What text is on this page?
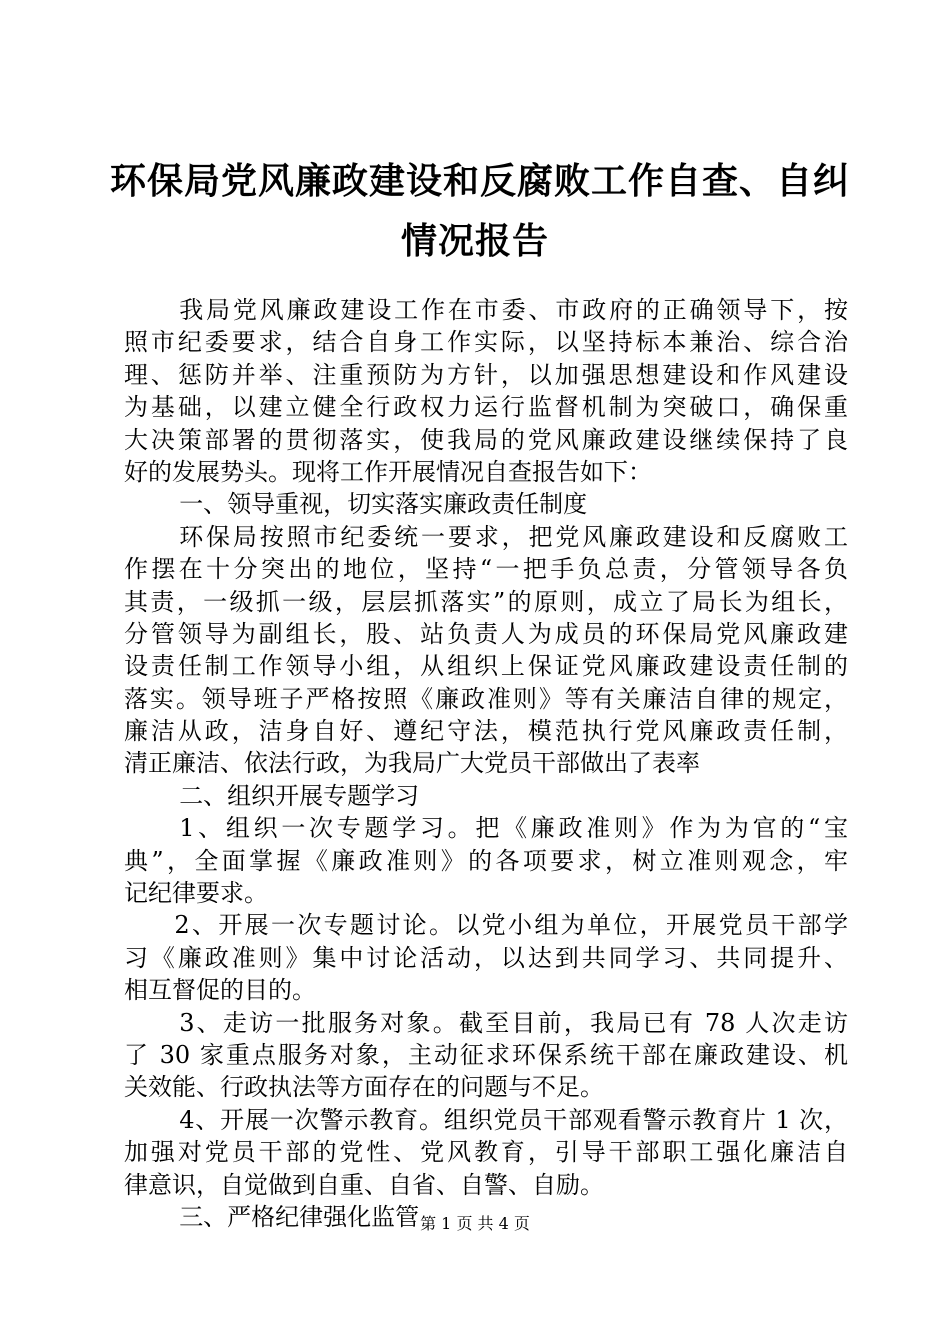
环保局党风廉政建设和反腐败工作自查、自纠
情况报告
我局党风廉政建设工作在市委、市政府的正确领导下，按
照市纪委要求，结合自身工作实际，以坚持标本兼治、综合治
理、惩防并举、注重预防为方针，以加强思想建设和作风建设
为基础，以建立健全行政权力运行监督机制为突破口，确保重
大决策部署的贯彻落实，使我局的党风廉政建设继续保持了良
好的发展势头。现将工作开展情况自查报告如下：
一、领导重视，切实落实廉政责任制度
环保局按照市纪委统一要求，把党风廉政建设和反腐败工
作摆在十分突出的地位，坚持“一把手负总责，分管领导各负
其责，一级抓一级，层层抓落实”的原则，成立了局长为组长，
分管领导为副组长，股、站负责人为成员的环保局党风廉政建
设责任制工作领导小组，从组织上保证党风廉政建设责任制的
落实。领导班子严格按照《廉政准则》等有关廉洁自律的规定，
廉洁从政，洁身自好、遵纪守法，模范执行党风廉政责任制，
清正廉洁、依法行政，为我局广大党员干部做出了表率
二、组织开展专题学习
1、组织一次专题学习。把《廉政准则》作为为官的“宝
典”，全面掌握《廉政准则》的各项要求，树立准则观念，牢
记纪律要求。
2、开展一次专题讨论。以党小组为单位，开展党员干部学
习《廉政准则》集中讨论活动，以达到共同学习、共同提升、
相互督促的目的。
3、走访一批服务对象。截至目前，我局已有 78 人次走访
了 30 家重点服务对象，主动征求环保系统干部在廉政建设、机
关效能、行政执法等方面存在的问题与不足。
4、开展一次警示教育。组织党员干部观看警示教育片 1 次，
加强对党员干部的党性、党风教育，引导干部职工强化廉洁自
律意识，自觉做到自重、自省、自警、自励。
三、严格纪律强化监管 第 1 页 共 4 页
